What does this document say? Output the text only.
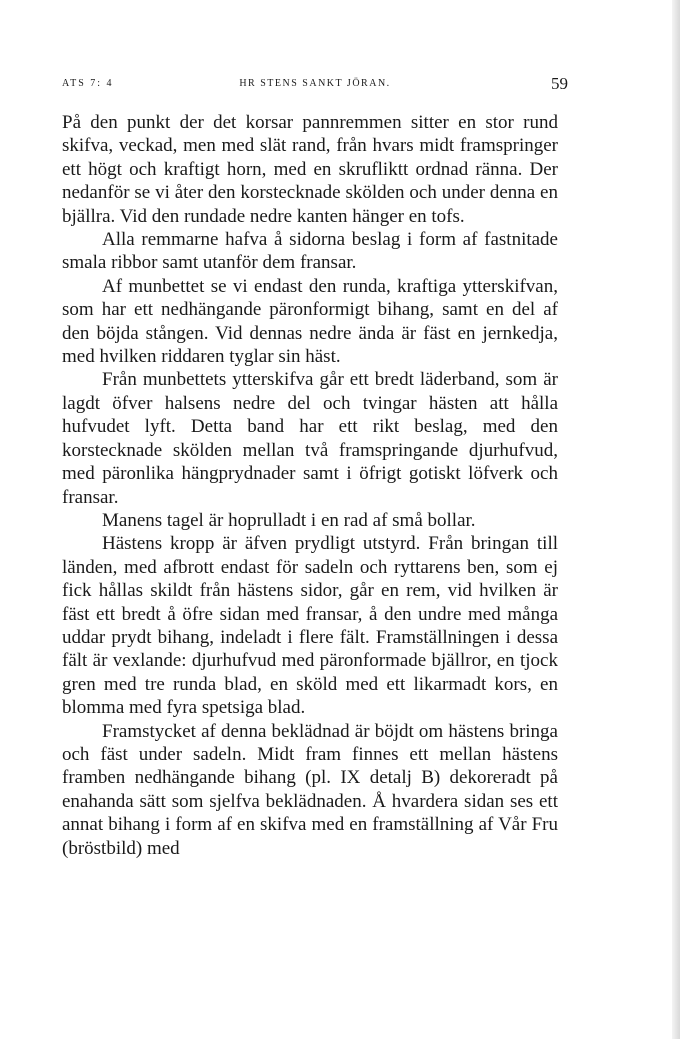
ATS 7: 4	HR STENS SANKT JÖRAN.	59

På den punkt der det korsar pannremmen sitter en stor rund skifva, veckad, men med slät rand, från hvars midt framspringer ett högt och kraftigt horn, med en skrufliktt ordnad ränna. Der nedanför se vi åter den korstecknade skölden och under denna en bjällra. Vid den rundade nedre kanten hänger en tofs.

Alla remmarne hafva å sidorna beslag i form af fastnitade smala ribbor samt utanför dem fransar.

Af munbettet se vi endast den runda, kraftiga ytterskifvan, som har ett nedhängande päronformigt bihang, samt en del af den böjda stången. Vid dennas nedre ända är fäst en jernkedja, med hvilken riddaren tyglar sin häst.

Från munbettets ytterskifva går ett bredt läderband, som är lagdt öfver halsens nedre del och tvingar hästen att hålla hufvudet lyft. Detta band har ett rikt beslag, med den korstecknade skölden mellan två framspringande djurhufvud, med päronlika hängprydnader samt i öfrigt gotiskt löfverk och fransar.

Manens tagel är hoprulladt i en rad af små bollar.

Hästens kropp är äfven prydligt utstyrd. Från bringan till länden, med afbrott endast för sadeln och ryttarens ben, som ej fick hållas skildt från hästens sidor, går en rem, vid hvilken är fäst ett bredt å öfre sidan med fransar, å den undre med många uddar prydt bihang, indeladt i flere fält. Framställningen i dessa fält är vexlande: djurhufvud med päronformade bjällror, en tjock gren med tre runda blad, en sköld med ett likarmadt kors, en blomma med fyra spetsiga blad.

Framstycket af denna beklädnad är böjdt om hästens bringa och fäst under sadeln. Midt fram finnes ett mellan hästens framben nedhängande bihang (pl. IX detalj B) dekoreradt på enahanda sätt som sjelfva beklädnaden. Å hvardera sidan ses ett annat bihang i form af en skifva med en framställning af Vår Fru (bröstbild) med
